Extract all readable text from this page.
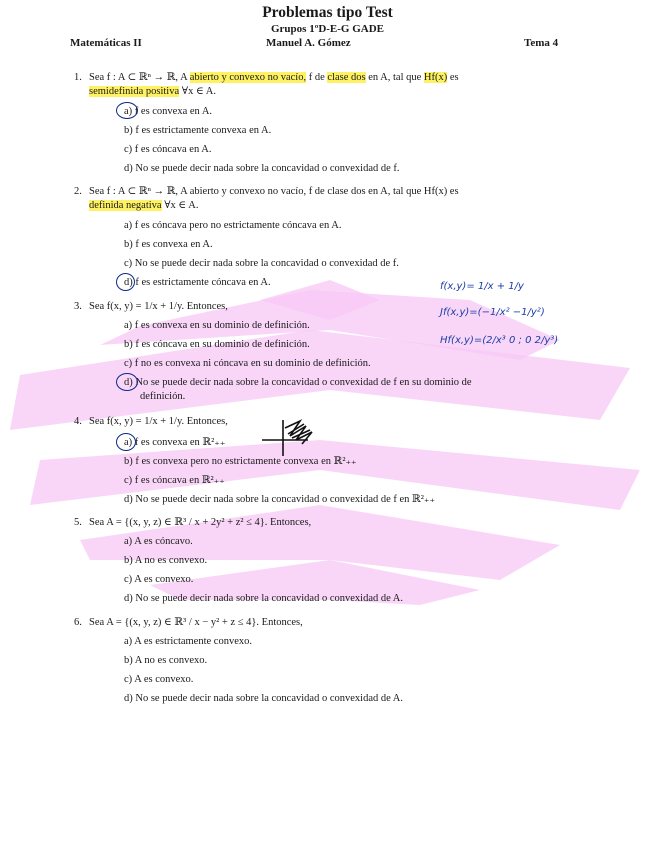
Problemas tipo Test
Grupos 1ºD-E-G GADE
Matemáticas II	Manuel A. Gómez	Tema 4
1. Sea f : A ⊂ ℝⁿ → ℝ, A abierto y convexo no vacío, f de clase dos en A, tal que Hf(x) es
semidefinida positiva ∀x ∈ A.
a) f es convexa en A.
b) f es estrictamente convexa en A.
c) f es cóncava en A.
d) No se puede decir nada sobre la concavidad o convexidad de f.
2. Sea f : A ⊂ ℝⁿ → ℝ, A abierto y convexo no vacío, f de clase dos en A, tal que Hf(x) es
definida negativa ∀x ∈ A.
a) f es cóncava pero no estrictamente cóncava en A.
b) f es convexa en A.
c) No se puede decir nada sobre la concavidad o convexidad de f.
d) f es estrictamente cóncava en A.
3. Sea f(x, y) = 1/x + 1/y. Entonces,
a) f es convexa en su dominio de definición.
b) f es cóncava en su dominio de definición.
c) f no es convexa ni cóncava en su dominio de definición.
d) No se puede decir nada sobre la concavidad o convexidad de f en su dominio de
definición.
4. Sea f(x, y) = 1/x + 1/y. Entonces,
a) f es convexa en ℝ²₊₊
b) f es convexa pero no estrictamente convexa en ℝ²₊₊
c) f es cóncava en ℝ²₊₊
d) No se puede decir nada sobre la concavidad o convexidad de f en ℝ²₊₊
5. Sea A = {(x, y, z) ∈ ℝ³ / x + 2y² + z² ≤ 4}. Entonces,
a) A es cóncavo.
b) A no es convexo.
c) A es convexo.
d) No se puede decir nada sobre la concavidad o convexidad de A.
6. Sea A = {(x, y, z) ∈ ℝ³ / x − y² + z ≤ 4}. Entonces,
a) A es estrictamente convexo.
b) A no es convexo.
c) A es convexo.
d) No se puede decir nada sobre la concavidad o convexidad de A.
f(x,y)= 1/x + 1/y
Jf(x,y)=(−1/x² −1/y²)
Hf(x,y)=(2/x³ 0 ; 0 2/y³)
